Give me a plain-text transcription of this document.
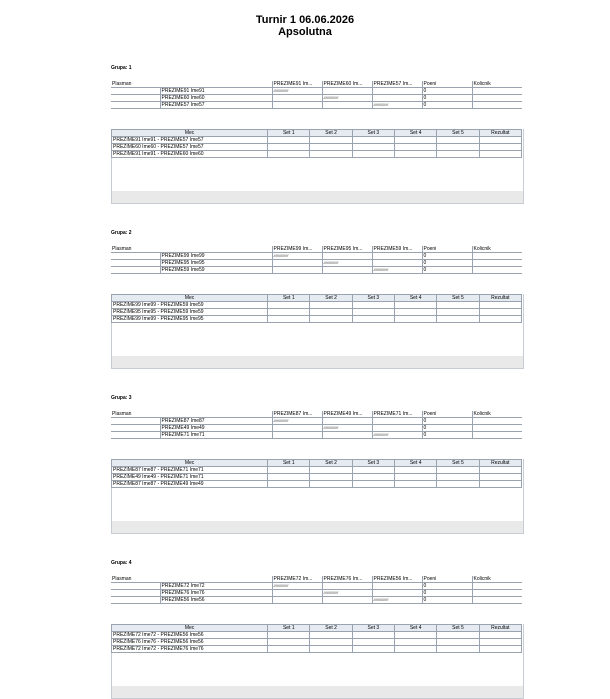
Turnir 1 06.06.2026
Apsolutna
Grupa: 1
Plasman		PREZIME91 Im...	PREZIME60 Im...	PREZIME57 Im...	Poeni	Kolicnik
	PREZIME91 Ime91	////////////////			0	
	PREZIME60 Ime60		////////////////		0	
	PREZIME57 Ime57			////////////////	0	
Mec	Set 1	Set 2	Set 3	Set 4	Set 5	Rezultat
PREZIME91 Ime91 - PREZIME57 Ime57						
PREZIME60 Ime60 - PREZIME57 Ime57						
PREZIME91 Ime91 - PREZIME60 Ime60						
Grupa: 2
Plasman		PREZIME99 Im...	PREZIME95 Im...	PREZIME59 Im...	Poeni	Kolicnik
	PREZIME99 Ime99	////////////////			0	
	PREZIME95 Ime95		////////////////		0	
	PREZIME59 Ime59			////////////////	0	
Mec	Set 1	Set 2	Set 3	Set 4	Set 5	Rezultat
PREZIME99 Ime99 - PREZIME59 Ime59						
PREZIME95 Ime95 - PREZIME59 Ime59						
PREZIME99 Ime99 - PREZIME95 Ime95						
Grupa: 3
Plasman		PREZIME87 Im...	PREZIME49 Im...	PREZIME71 Im...	Poeni	Kolicnik
	PREZIME87 Ime87	////////////////			0	
	PREZIME49 Ime49		////////////////		0	
	PREZIME71 Ime71			////////////////	0	
Mec	Set 1	Set 2	Set 3	Set 4	Set 5	Rezultat
PREZIME87 Ime87 - PREZIME71 Ime71						
PREZIME49 Ime49 - PREZIME71 Ime71						
PREZIME87 Ime87 - PREZIME49 Ime49						
Grupa: 4
Plasman		PREZIME72 Im...	PREZIME76 Im...	PREZIME56 Im...	Poeni	Kolicnik
	PREZIME72 Ime72	////////////////			0	
	PREZIME76 Ime76		////////////////		0	
	PREZIME56 Ime56			////////////////	0	
Mec	Set 1	Set 2	Set 3	Set 4	Set 5	Rezultat
PREZIME72 Ime72 - PREZIME56 Ime56						
PREZIME76 Ime76 - PREZIME56 Ime56						
PREZIME72 Ime72 - PREZIME76 Ime76						
